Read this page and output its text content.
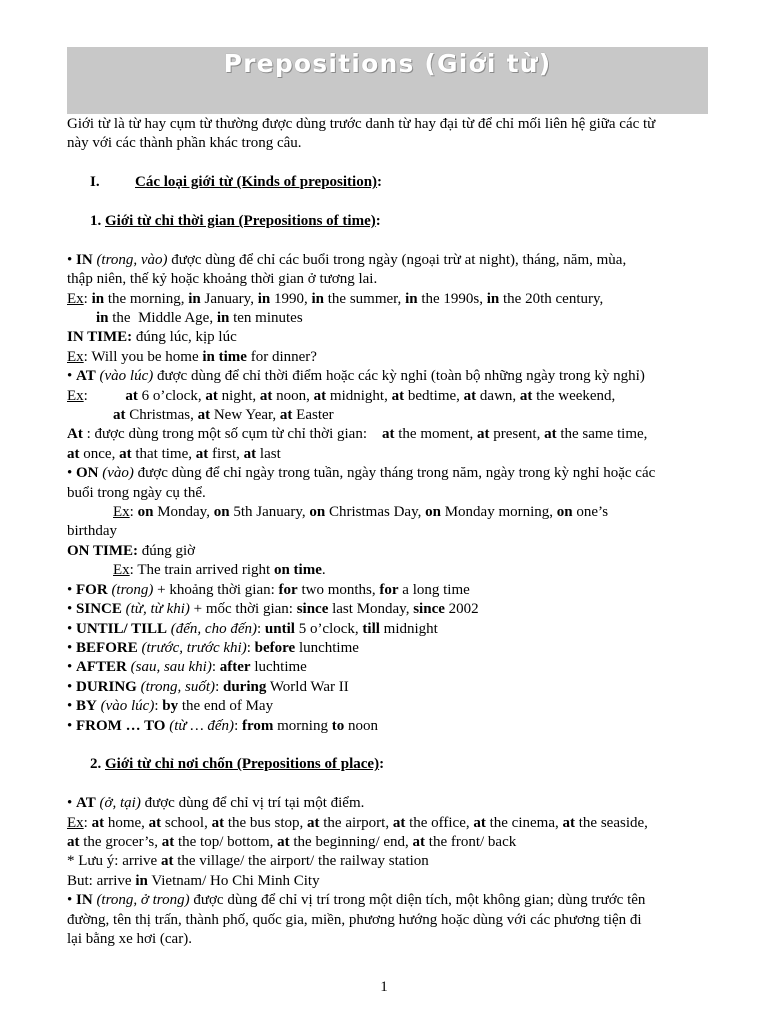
Prepositions (Giới từ)
Giới từ là từ hay cụm từ thường được dùng trước danh từ hay đại từ để chỉ mối liên hệ giữa các từ
này với các thành phần khác trong câu.
I. Các loại giới từ (Kinds of preposition):
1. Giới từ chỉ thời gian (Prepositions of time):
• IN (trong, vào) được dùng để chỉ các buổi trong ngày (ngoại trừ at night), tháng, năm, mùa,
thập niên, thế kỷ hoặc khoảng thời gian ở tương lai.
Ex: in the morning, in January, in 1990, in the summer, in the 1990s, in the 20th century,
in the  Middle Age, in ten minutes
IN TIME: đúng lúc, kịp lúc
Ex: Will you be home in time for dinner?
• AT (vào lúc) được dùng để chỉ thời điểm hoặc các kỳ nghỉ (toàn bộ những ngày trong kỳ nghỉ)
Ex:          at 6 o’clock, at night, at noon, at midnight, at bedtime, at dawn, at the weekend,
at Christmas, at New Year, at Easter
At : được dùng trong một số cụm từ chỉ thời gian:    at the moment, at present, at the same time,
at once, at that time, at first, at last
• ON (vào) được dùng để chỉ ngày trong tuần, ngày tháng trong năm, ngày trong kỳ nghỉ hoặc các
buổi trong ngày cụ thể.
Ex: on Monday, on 5th January, on Christmas Day, on Monday morning, on one’s
birthday
ON TIME: đúng giờ
Ex: The train arrived right on time.
• FOR (trong) + khoảng thời gian: for two months, for a long time
• SINCE (từ, từ khi) + mốc thời gian: since last Monday, since 2002
• UNTIL/ TILL (đến, cho đến): until 5 o’clock, till midnight
• BEFORE (trước, trước khi): before lunchtime
• AFTER (sau, sau khi): after luchtime
• DURING (trong, suốt): during World War II
• BY (vào lúc): by the end of May
• FROM … TO (từ … đến): from morning to noon
2. Giới từ chỉ nơi chốn (Prepositions of place):
• AT (ở, tại) được dùng để chỉ vị trí tại một điểm.
Ex: at home, at school, at the bus stop, at the airport, at the office, at the cinema, at the seaside,
at the grocer’s, at the top/ bottom, at the beginning/ end, at the front/ back
* Lưu ý: arrive at the village/ the airport/ the railway station
But: arrive in Vietnam/ Ho Chi Minh City
• IN (trong, ở trong) được dùng để chỉ vị trí trong một diện tích, một không gian; dùng trước tên
đường, tên thị trấn, thành phố, quốc gia, miền, phương hướng hoặc dùng với các phương tiện đi
lại bằng xe hơi (car).
1
